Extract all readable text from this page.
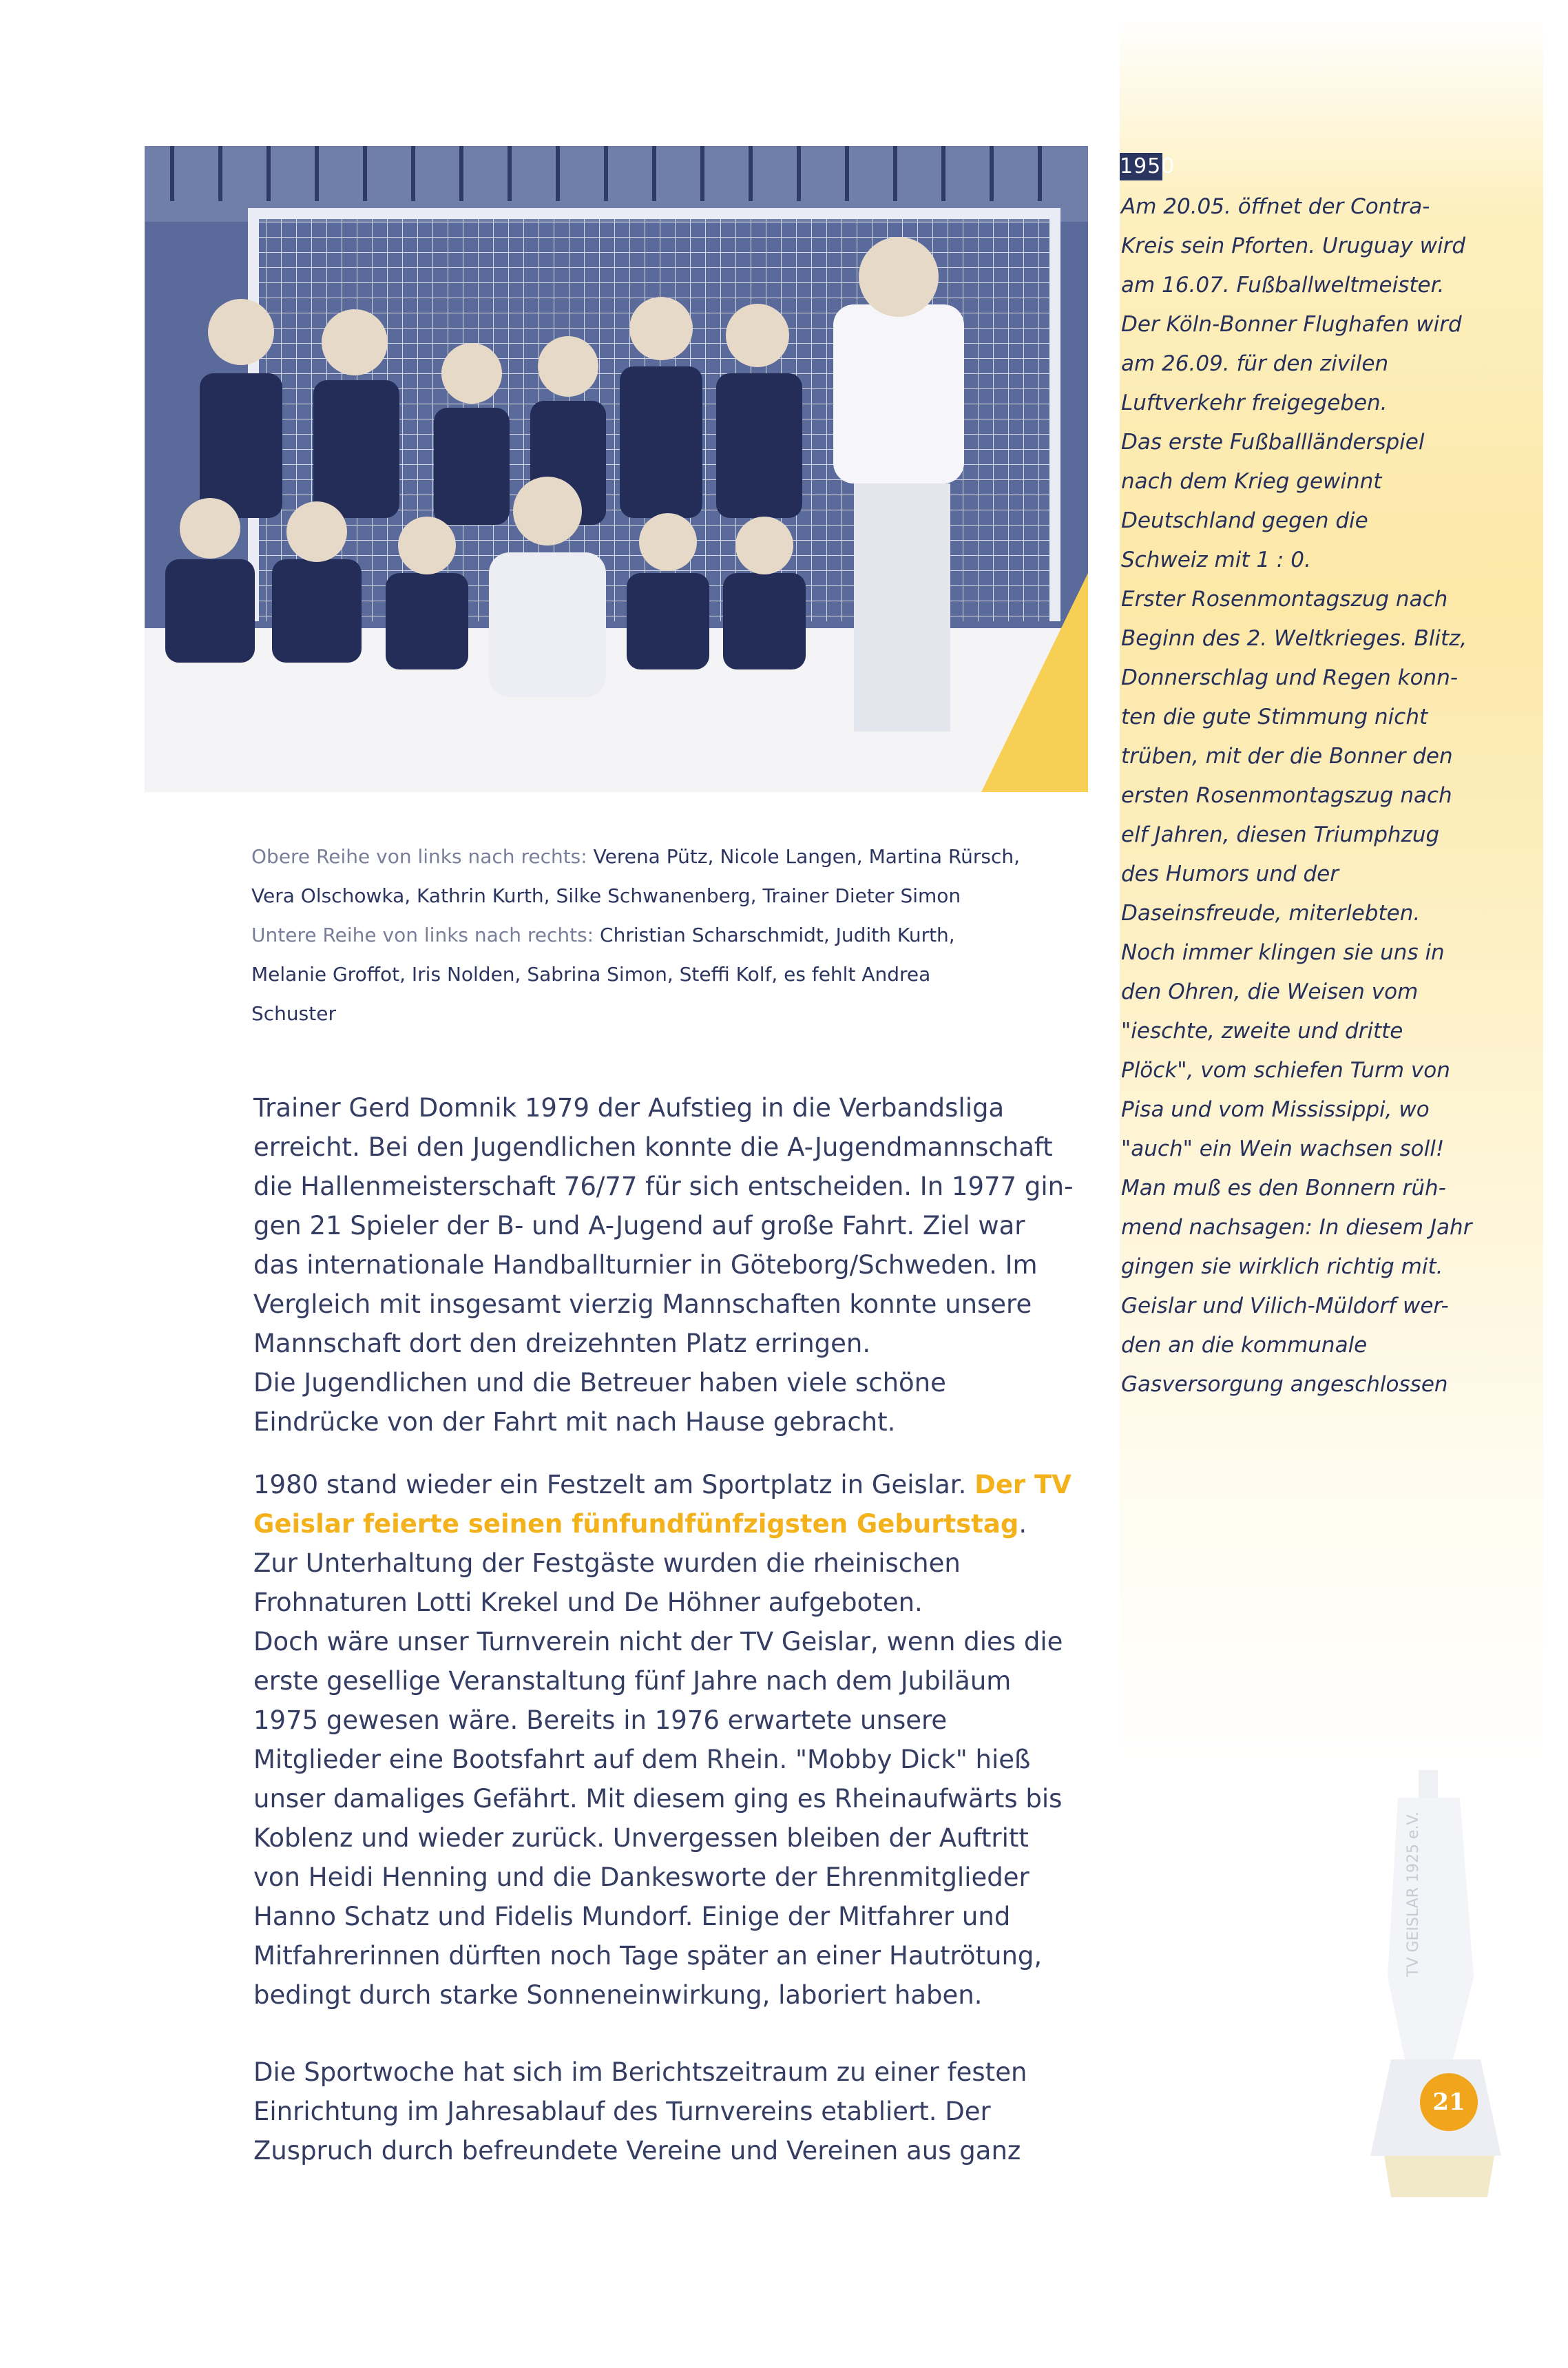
1950
Am 20.05. öffnet der Contra-
Kreis sein Pforten. Uruguay wird
am 16.07. Fußballweltmeister.
Der Köln-Bonner Flughafen wird
am 26.09. für den zivilen
Luftverkehr freigegeben.
Das erste Fußballländerspiel
nach dem Krieg gewinnt
Deutschland gegen die
Schweiz mit 1 : 0.
Erster Rosenmontagszug nach
Beginn des 2. Weltkrieges. Blitz,
Donnerschlag und Regen konn-
ten die gute Stimmung nicht
trüben, mit der die Bonner den
ersten Rosenmontagszug nach
elf Jahren, diesen Triumphzug
des Humors und der
Daseinsfreude, miterlebten.
Noch immer klingen sie uns in
den Ohren, die Weisen vom
"ieschte, zweite und dritte
Plöck", vom schiefen Turm von
Pisa und vom Mississippi, wo
"auch" ein Wein wachsen soll!
Man muß es den Bonnern rüh-
mend nachsagen: In diesem Jahr
gingen sie wirklich richtig mit.
Geislar und Vilich-Müldorf wer-
den an die kommunale
Gasversorgung angeschlossen
Obere Reihe von links nach rechts: Verena Pütz, Nicole Langen, Martina Rürsch,
Vera Olschowka, Kathrin Kurth, Silke Schwanenberg, Trainer Dieter Simon
Untere Reihe von links nach rechts: Christian Scharschmidt, Judith Kurth,
Melanie Groffot, Iris Nolden, Sabrina Simon, Steffi Kolf, es fehlt Andrea
Schuster
Trainer Gerd Domnik 1979 der Aufstieg in die Verbandsliga
erreicht. Bei den Jugendlichen konnte die A-Jugendmannschaft
die Hallenmeisterschaft 76/77 für sich entscheiden. In 1977 gin-
gen 21 Spieler der B- und A-Jugend auf große Fahrt. Ziel war
das internationale Handballturnier in Göteborg/Schweden. Im
Vergleich mit insgesamt vierzig Mannschaften konnte unsere
Mannschaft dort den dreizehnten Platz erringen.
Die Jugendlichen und die Betreuer haben viele schöne
Eindrücke von der Fahrt mit nach Hause gebracht.
1980 stand wieder ein Festzelt am Sportplatz in Geislar. Der TV
Geislar feierte seinen fünfundfünfzigsten Geburtstag.
Zur Unterhaltung der Festgäste wurden die rheinischen
Frohnaturen Lotti Krekel und De Höhner aufgeboten.
Doch wäre unser Turnverein nicht der TV Geislar, wenn dies die
erste gesellige Veranstaltung fünf Jahre nach dem Jubiläum
1975 gewesen wäre. Bereits in 1976 erwartete unsere
Mitglieder eine Bootsfahrt auf dem Rhein. "Mobby Dick" hieß
unser damaliges Gefährt. Mit diesem ging es Rheinaufwärts bis
Koblenz und wieder zurück. Unvergessen bleiben der Auftritt
von Heidi Henning und die Dankesworte der Ehrenmitglieder
Hanno Schatz und Fidelis Mundorf. Einige der Mitfahrer und
Mitfahrerinnen dürften noch Tage später an einer Hautrötung,
bedingt durch starke Sonneneinwirkung, laboriert haben.
Die Sportwoche hat sich im Berichtszeitraum zu einer festen
Einrichtung im Jahresablauf des Turnvereins etabliert. Der
Zuspruch durch befreundete Vereine und Vereinen aus ganz
TV GEISLAR 1925 e.V.
21
